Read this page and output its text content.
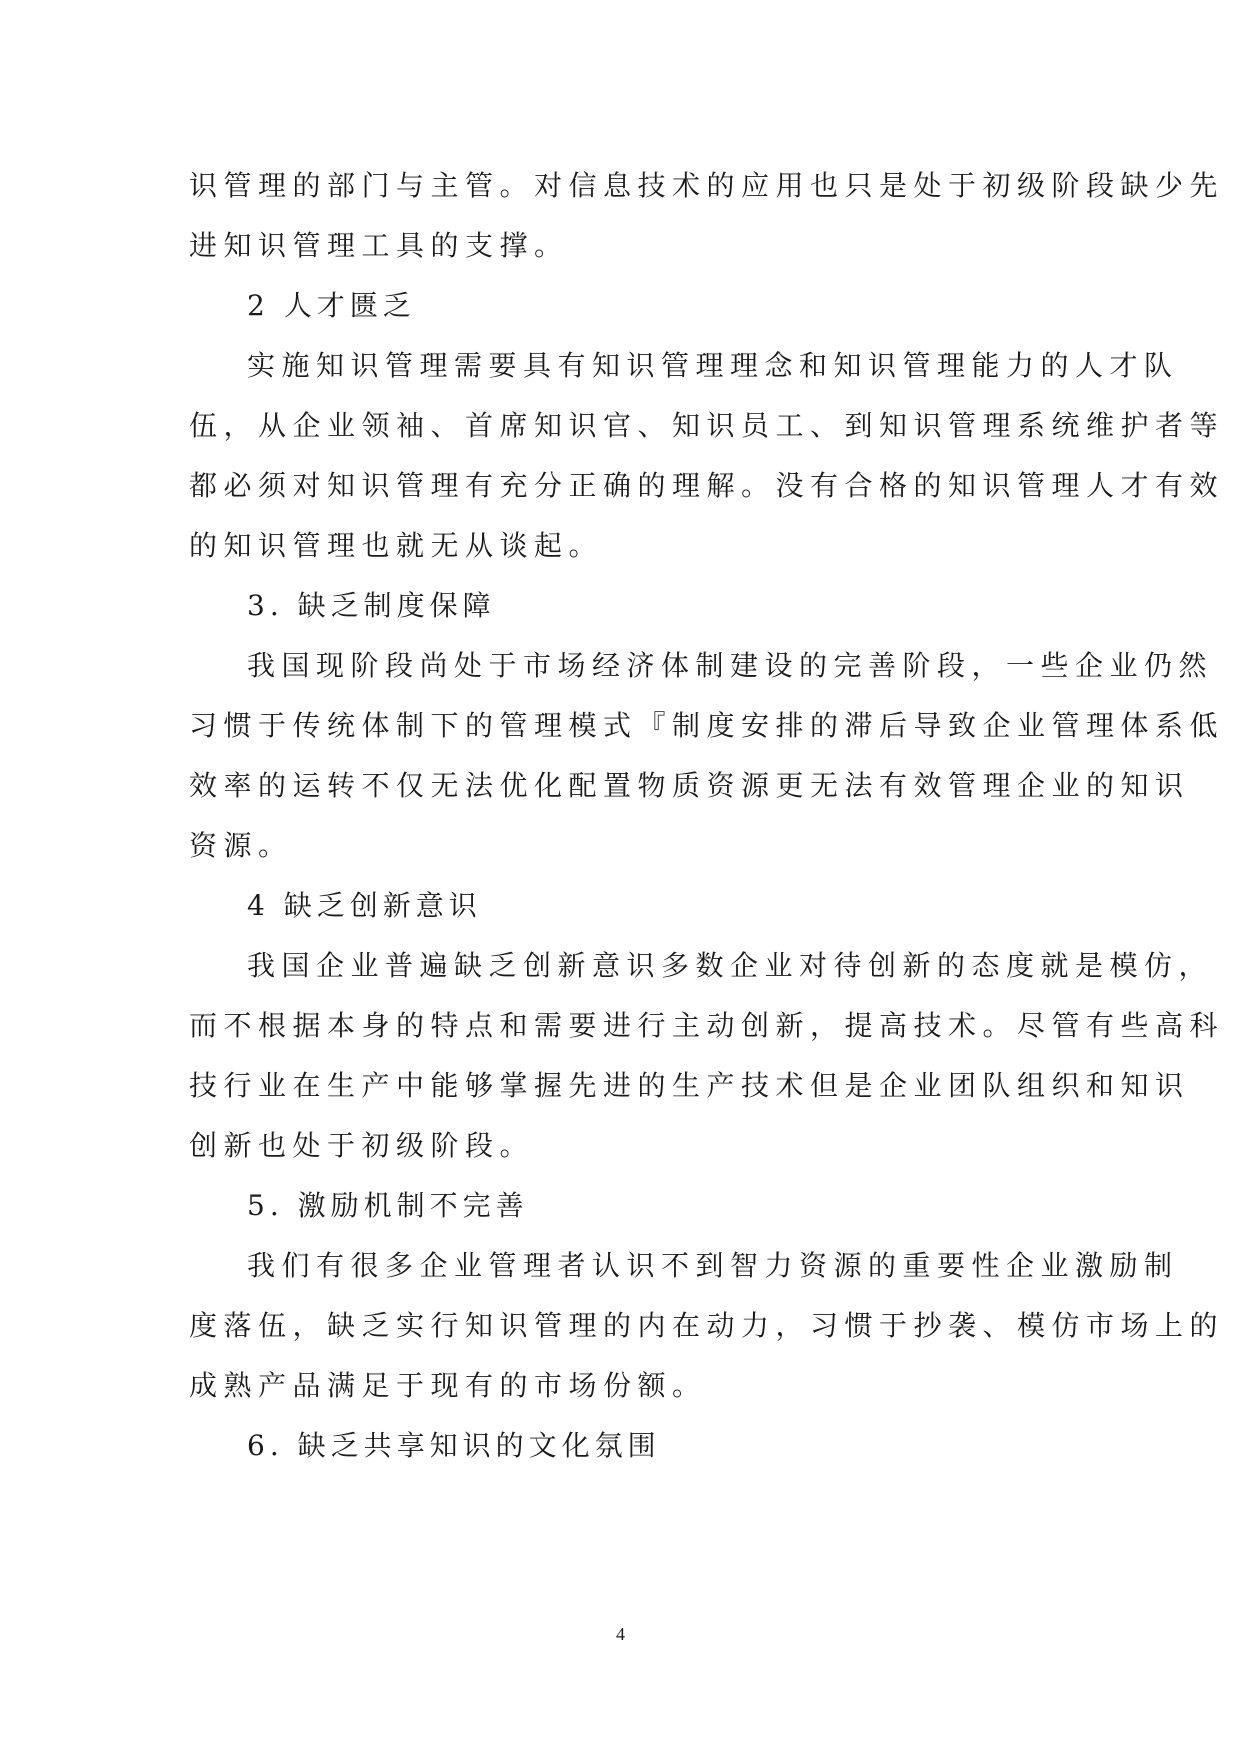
识管理的部门与主管。对信息技术的应用也只是处于初级阶段缺少先
进知识管理工具的支撑。
2 人才匮乏
实施知识管理需要具有知识管理理念和知识管理能力的人才队
伍，从企业领袖、首席知识官、知识员工、到知识管理系统维护者等
都必须对知识管理有充分正确的理解。没有合格的知识管理人才有效
的知识管理也就无从谈起。
3. 缺乏制度保障
我国现阶段尚处于市场经济体制建设的完善阶段，一些企业仍然
习惯于传统体制下的管理模式『制度安排的滞后导致企业管理体系低
效率的运转不仅无法优化配置物质资源更无法有效管理企业的知识
资源。
4 缺乏创新意识
我国企业普遍缺乏创新意识多数企业对待创新的态度就是模仿，
而不根据本身的特点和需要进行主动创新，提高技术。尽管有些高科
技行业在生产中能够掌握先进的生产技术但是企业团队组织和知识
创新也处于初级阶段。
5. 激励机制不完善
我们有很多企业管理者认识不到智力资源的重要性企业激励制
度落伍，缺乏实行知识管理的内在动力，习惯于抄袭、模仿市场上的
成熟产品满足于现有的市场份额。
6. 缺乏共享知识的文化氛围
4
